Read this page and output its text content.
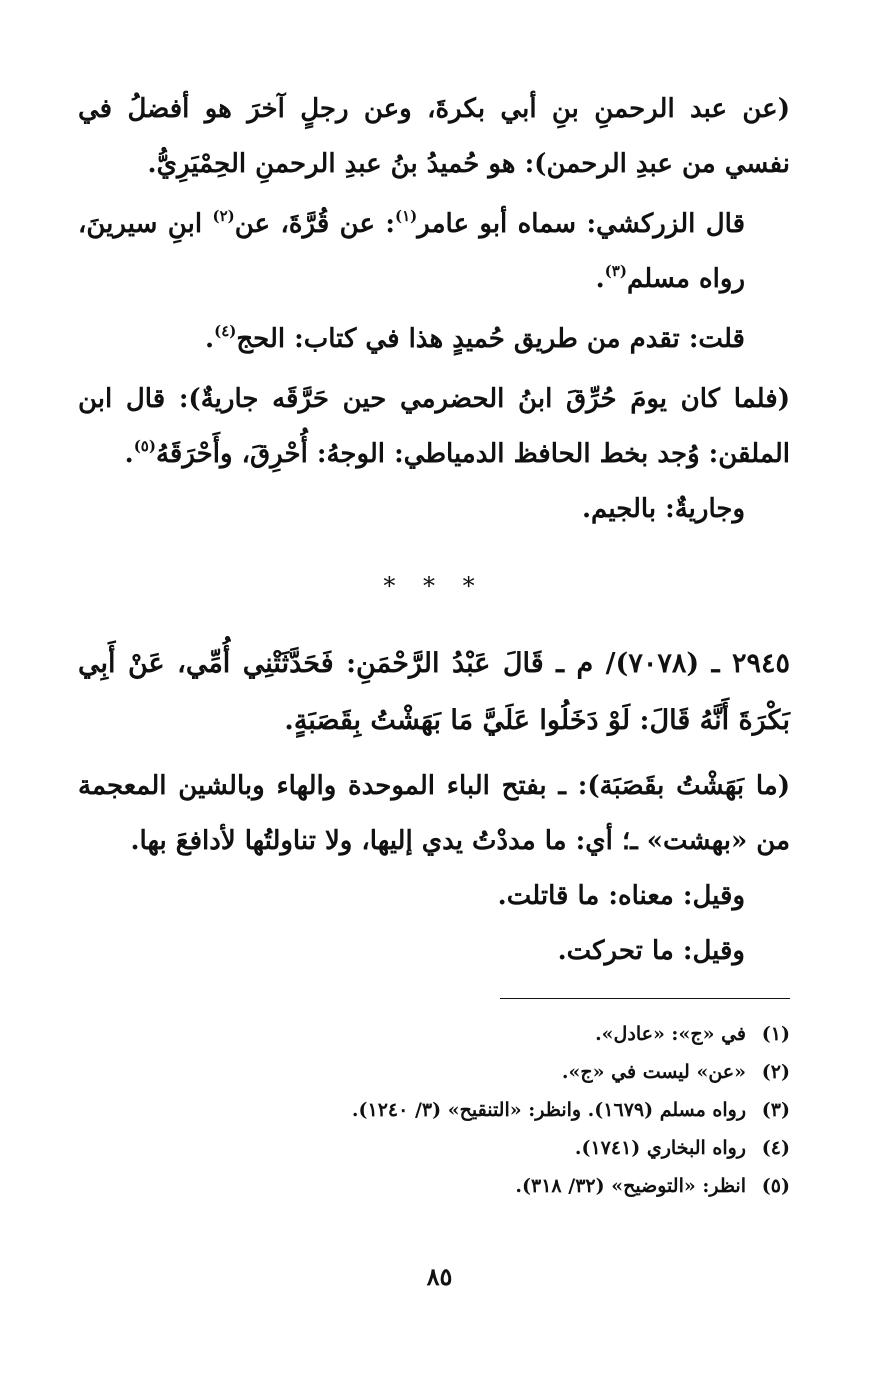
(عن عبد الرحمنِ بنِ أبي بكرةَ، وعن رجلٍ آخرَ هو أفضلُ في نفسي من عبدِ الرحمن): هو حُميدُ بنُ عبدِ الرحمنِ الحِمْيَرِيُّ.

قال الزركشي: سماه أبو عامر$^{(١)}$: عن قُرَّةَ، عن$^{(٢)}$ ابنِ سيرينَ، رواه مسلم$^{(٣)}$.

قلت: تقدم من طريق حُميدٍ هذا في كتاب: الحج$^{(٤)}$.

(فلما كان يومَ حُرِّقَ ابنُ الحضرمي حين حَرَّقَه جاريةٌ): قال ابن الملقن: وُجد بخط الحافظ الدمياطي: الوجهُ: أُحْرِقَ، وأَحْرَقَهُ$^{(٥)}$.

وجاريةٌ: بالجيم.

* * *

٢٩٤٥ ـ (٧٠٧٨)/ م ـ قَالَ عَبْدُ الرَّحْمَنِ: فَحَدَّثَتْنِي أُمِّي، عَنْ أَبِي بَكْرَةَ أَنَّهُ قَالَ: لَوْ دَخَلُوا عَلَيَّ مَا بَهَشْتُ بِقَصَبَةٍ.

(ما بَهَشْتُ بقَصَبَة): ـ بفتح الباء الموحدة والهاء وبالشين المعجمة من «بهشت» ـ؛ أي: ما مددْتُ يدي إليها، ولا تناولتُها لأدافعَ بها.

وقيل: معناه: ما قاتلت.

وقيل: ما تحركت.

(١)في «ج»: «عادل».
(٢)«عن» ليست في «ج».
(٣)رواه مسلم (١٦٧٩). وانظر: «التنقيح» (٣/ ١٢٤٠).
(٤)رواه البخاري (١٧٤١).
(٥)انظر: «التوضيح» (٣٢/ ٣١٨).
٨٥
